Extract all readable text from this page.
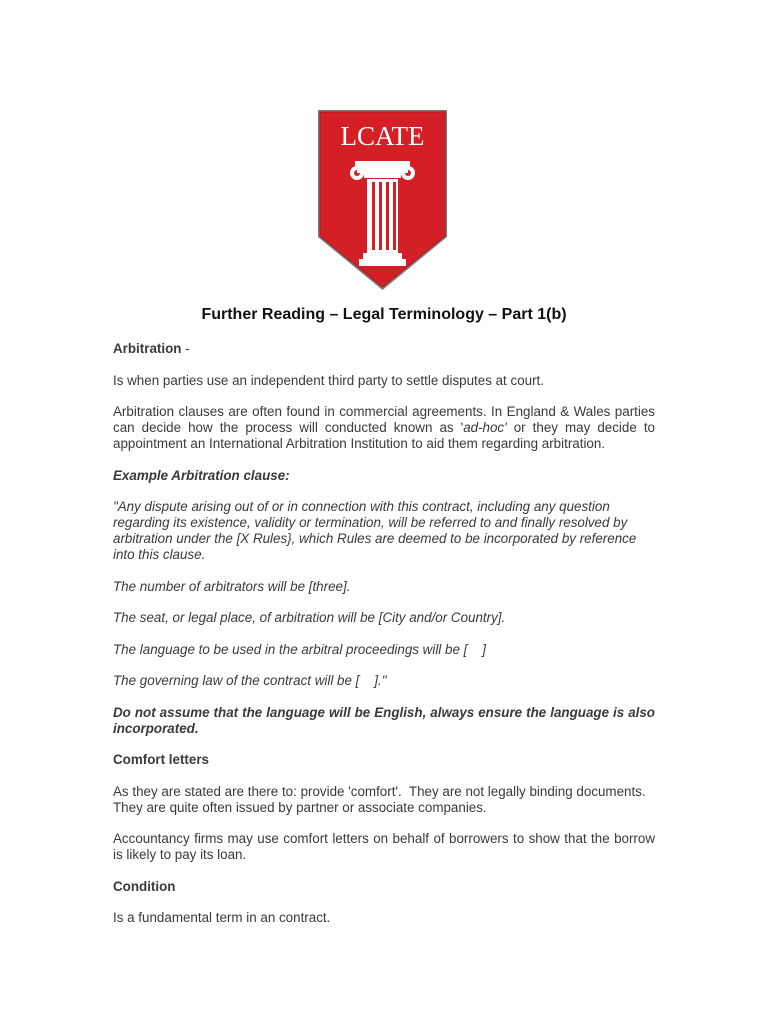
LCATE
Further Reading – Legal Terminology – Part 1(b)

Arbitration -

Is when parties use an independent third party to settle disputes at court.

Arbitration clauses are often found in commercial agreements. In England & Wales parties can decide how the process will conducted known as 'ad-hoc' or they may decide to appointment an International Arbitration Institution to aid them regarding arbitration.

Example Arbitration clause:

"Any dispute arising out of or in connection with this contract, including any question regarding its existence, validity or termination, will be referred to and finally resolved by arbitration under the [X Rules}, which Rules are deemed to be incorporated by reference into this clause.

The number of arbitrators will be [three].

The seat, or legal place, of arbitration will be [City and/or Country].

The language to be used in the arbitral proceedings will be [    ]

The governing law of the contract will be [    ]."

Do not assume that the language will be English, always ensure the language is also incorporated.

Comfort letters

As they are stated are there to: provide 'comfort'.  They are not legally binding documents.  They are quite often issued by partner or associate companies.

Accountancy firms may use comfort letters on behalf of borrowers to show that the borrow is likely to pay its loan.

Condition

Is a fundamental term in an contract.
